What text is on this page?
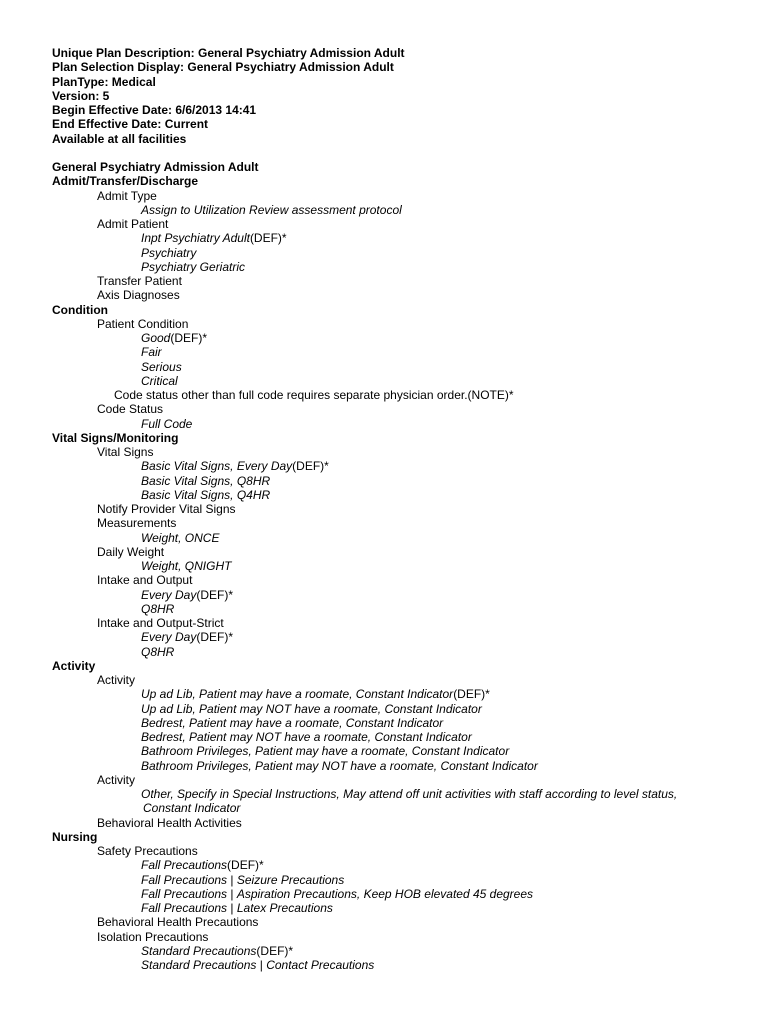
Unique Plan Description: General Psychiatry Admission Adult
Plan Selection Display: General Psychiatry Admission Adult
PlanType: Medical
Version: 5
Begin Effective Date: 6/6/2013 14:41
End Effective Date: Current
Available at all facilities
General Psychiatry Admission Adult
Admit/Transfer/Discharge
Admit Type
Assign to Utilization Review assessment protocol
Admit Patient
Inpt Psychiatry Adult (DEF)*
Psychiatry
Psychiatry Geriatric
Transfer Patient
Axis Diagnoses
Condition
Patient Condition
Good (DEF)*
Fair
Serious
Critical
Code status other than full code requires separate physician order.(NOTE)*
Code Status
Full Code
Vital Signs/Monitoring
Vital Signs
Basic Vital Signs, Every Day (DEF)*
Basic Vital Signs, Q8HR
Basic Vital Signs, Q4HR
Notify Provider Vital Signs
Measurements
Weight, ONCE
Daily Weight
Weight, QNIGHT
Intake and Output
Every Day (DEF)*
Q8HR
Intake and Output-Strict
Every Day (DEF)*
Q8HR
Activity
Activity
Up ad Lib, Patient may have a roomate, Constant Indicator (DEF)*
Up ad Lib, Patient may NOT have a roomate, Constant Indicator
Bedrest, Patient may have a roomate, Constant Indicator
Bedrest, Patient may NOT have a roomate, Constant Indicator
Bathroom Privileges, Patient may have a roomate, Constant Indicator
Bathroom Privileges, Patient may NOT have a roomate, Constant Indicator
Activity
Other, Specify in Special Instructions, May attend off unit activities with staff according to level status,
Constant Indicator
Behavioral Health Activities
Nursing
Safety Precautions
Fall Precautions (DEF)*
Fall Precautions | Seizure Precautions
Fall Precautions | Aspiration Precautions, Keep HOB elevated 45 degrees
Fall Precautions | Latex Precautions
Behavioral Health Precautions
Isolation Precautions
Standard Precautions (DEF)*
Standard Precautions | Contact Precautions
